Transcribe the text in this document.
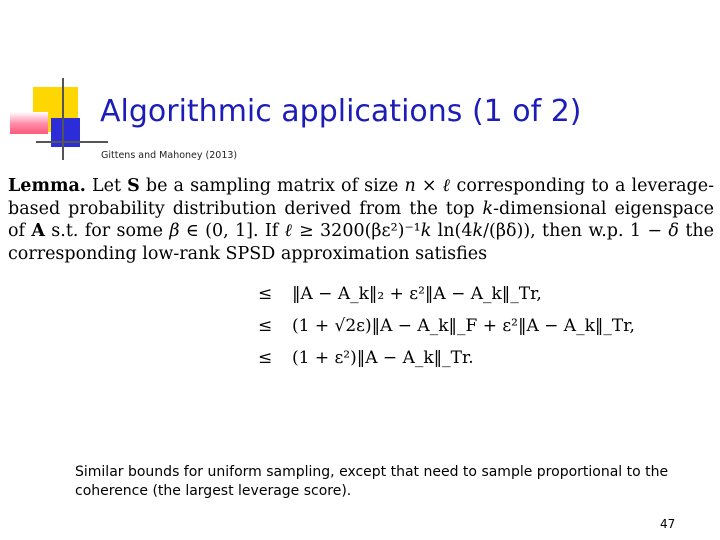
Algorithmic applications (1 of 2)
Gittens and Mahoney (2013)
Lemma. Let S be a sampling matrix of size n × ℓ corresponding to a leverage-based probability distribution derived from the top k-dimensional eigenspace of A s.t. for some β ∈ (0, 1]. If ℓ ≥ 3200(βε²)⁻¹k ln(4k/(βδ)), then w.p. 1 − δ the corresponding low-rank SPSD approximation satisfies
≤ ‖A − A_k‖₂ + ε²‖A − A_k‖_Tr,
≤ (1 + √2ε)‖A − A_k‖_F + ε²‖A − A_k‖_Tr,
≤ (1 + ε²)‖A − A_k‖_Tr.
Similar bounds for uniform sampling, except that need to sample proportional to the coherence (the largest leverage score).
47
